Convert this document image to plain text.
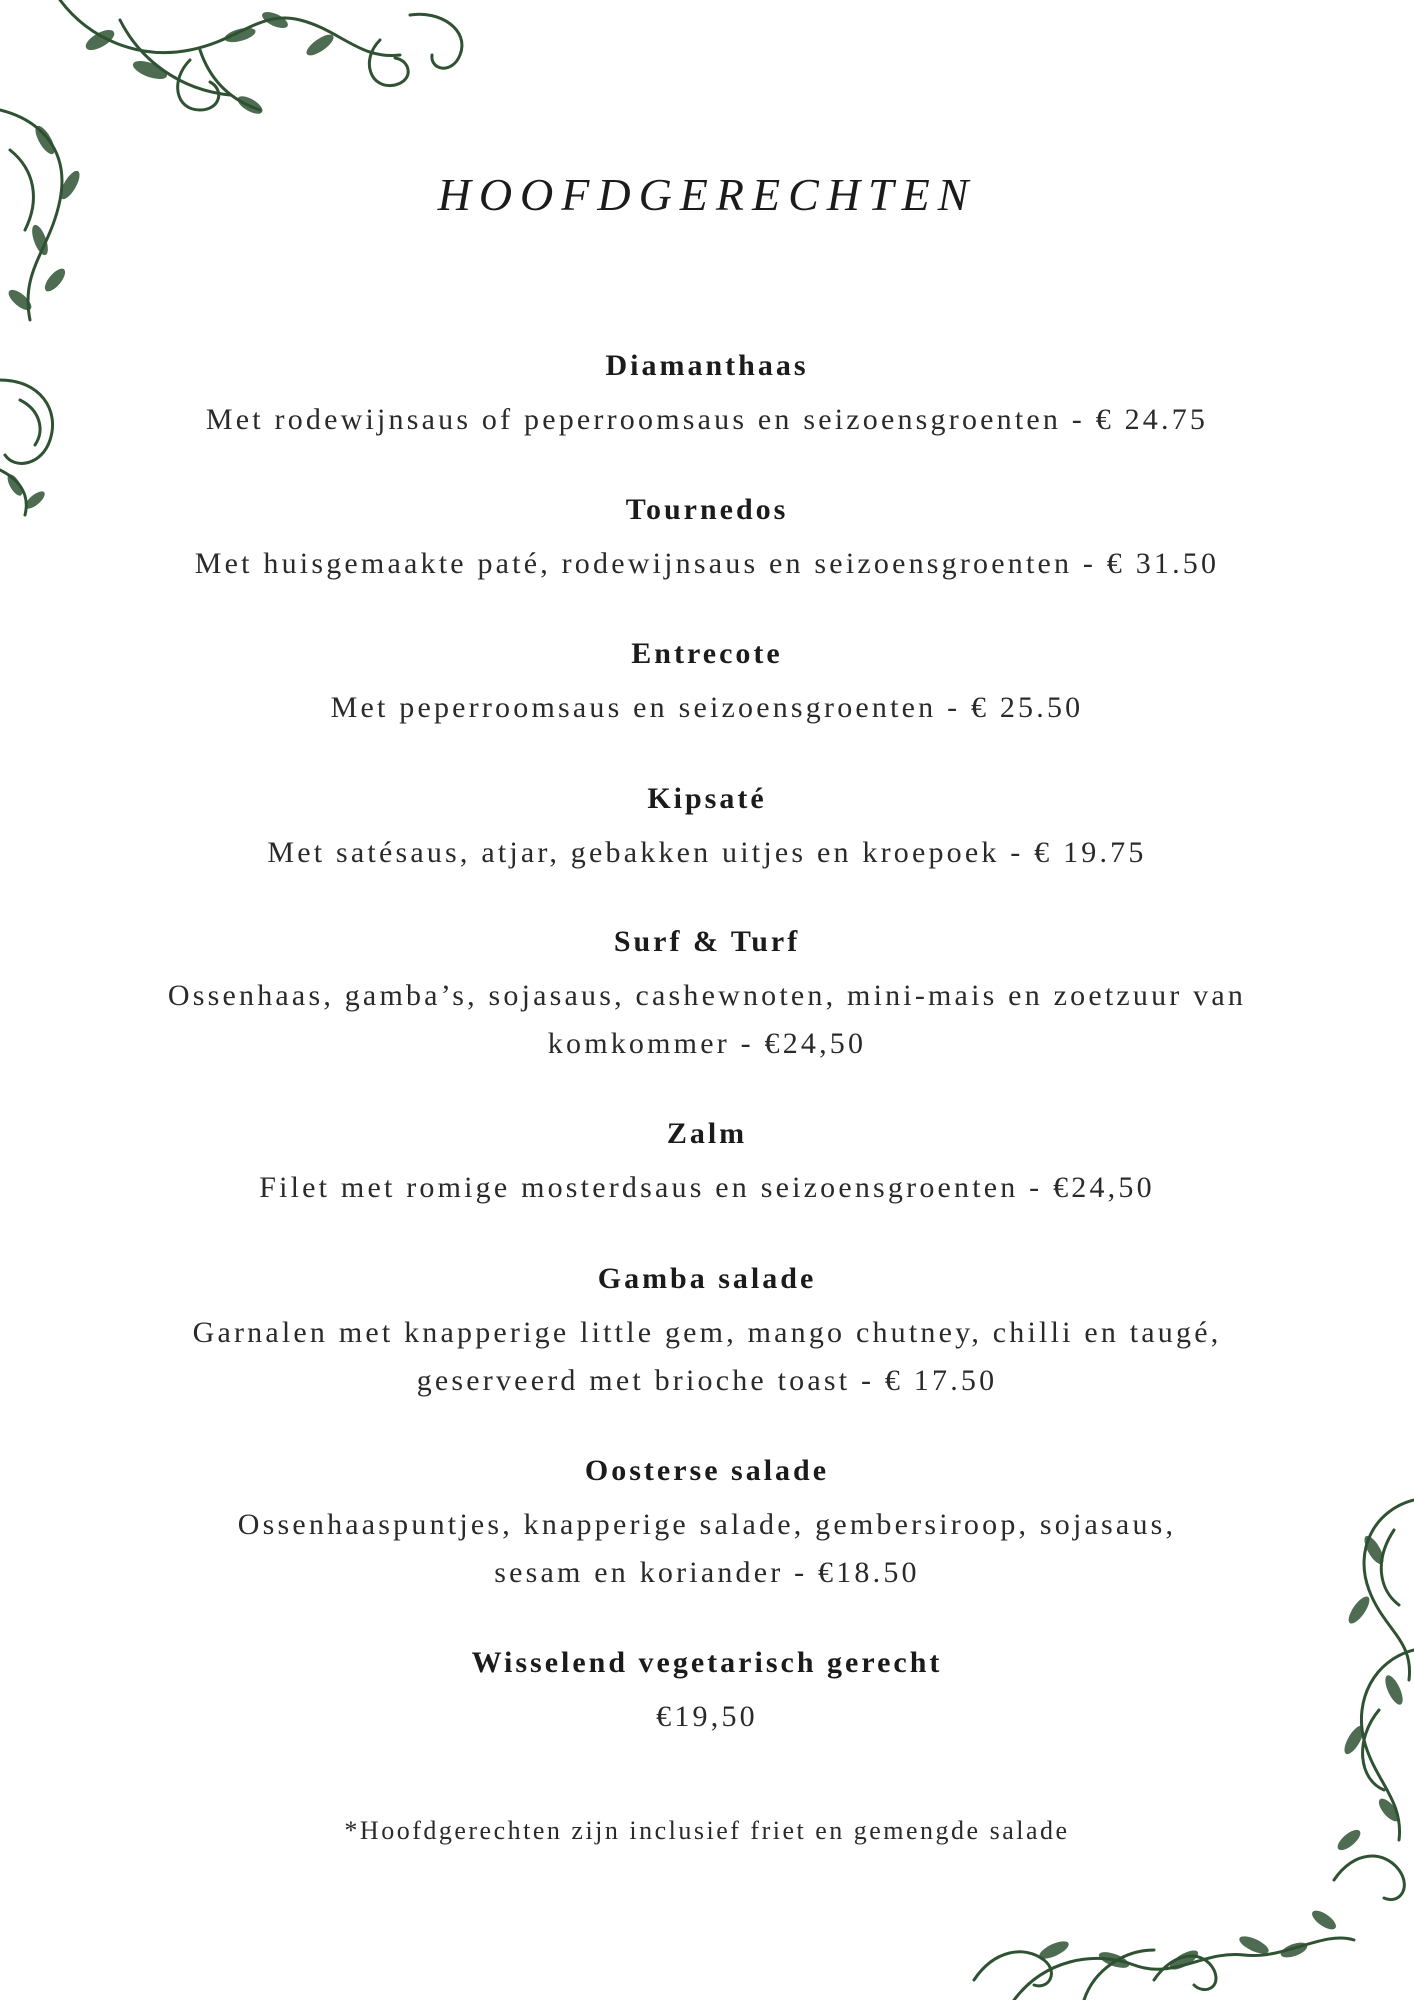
HOOFDGERECHTEN
Diamanthaas
Met rodewijnsaus of peperroomsaus en seizoensgroenten - € 24.75
Tournedos
Met huisgemaakte paté, rodewijnsaus en seizoensgroenten - € 31.50
Entrecote
Met peperroomsaus en seizoensgroenten - € 25.50
Kipsaté
Met satésaus, atjar, gebakken uitjes en kroepoek - € 19.75
Surf & Turf
Ossenhaas, gamba’s, sojasaus, cashewnoten, mini-mais en zoetzuur van komkommer - €24,50
Zalm
Filet met romige mosterdsaus en seizoensgroenten - €24,50
Gamba salade
Garnalen met knapperige little gem, mango chutney, chilli en taugé, geserveerd met brioche toast - € 17.50
Oosterse salade
Ossenhaaspuntjes, knapperige salade, gembersiroop, sojasaus, sesam en koriander - €18.50
Wisselend vegetarisch gerecht
€19,50

*Hoofdgerechten zijn inclusief friet en gemengde salade
